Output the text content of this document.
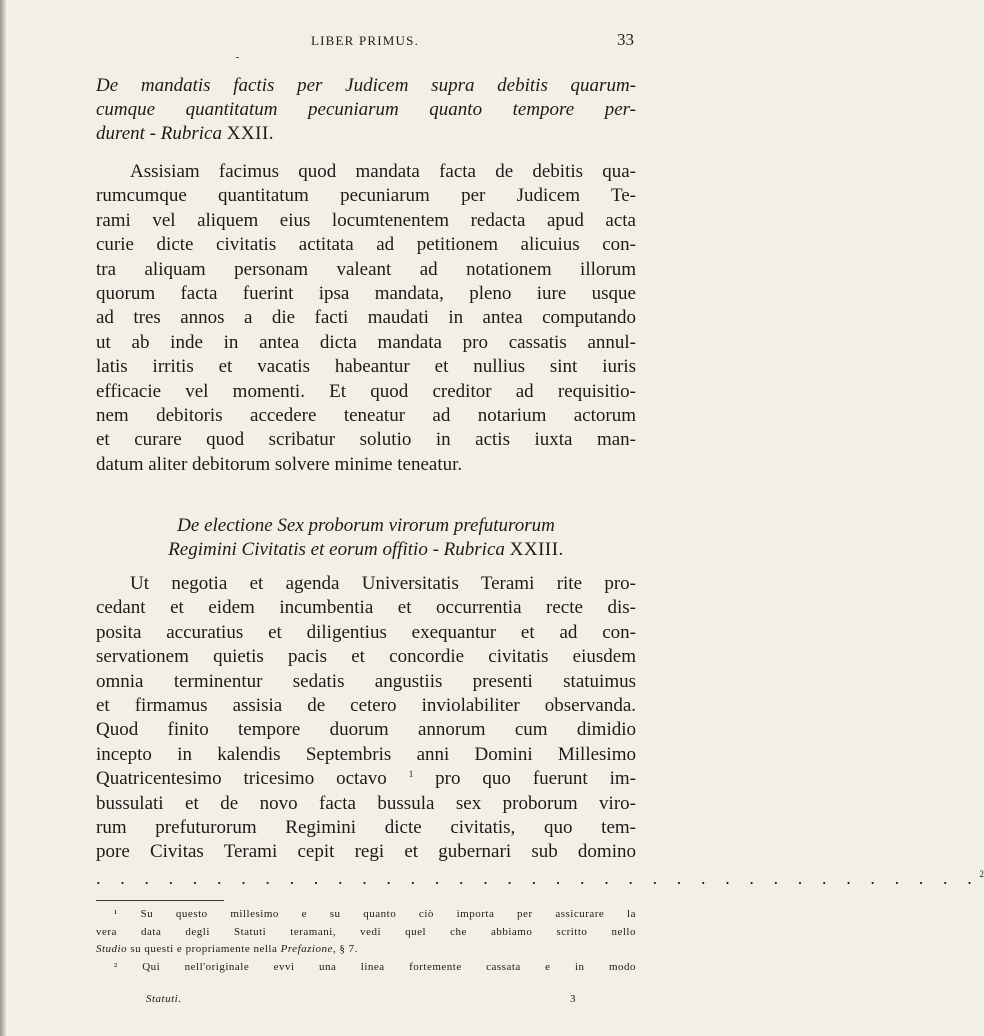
LIBER PRIMUS.	33
De mandatis factis per Judicem supra debitis quarum-
cumque quantitatum pecuniarum quanto tempore per-
durent - Rubrica XXII.
Assisiam facimus quod mandata facta de debitis qua-
rumcumque quantitatum pecuniarum per Judicem Te-
rami vel aliquem eius locumtenentem redacta apud acta
curie dicte civitatis actitata ad petitionem alicuius con-
tra aliquam personam valeant ad notationem illorum
quorum facta fuerint ipsa mandata, pleno iure usque
ad tres annos a die facti maudati in antea computando
ut ab inde in antea dicta mandata pro cassatis annul-
latis irritis et vacatis habeantur et nullius sint iuris
efficacie vel momenti. Et quod creditor ad requisitio-
nem debitoris accedere teneatur ad notarium actorum
et curare quod scribatur solutio in actis iuxta man-
datum aliter debitorum solvere minime teneatur.
De electione Sex proborum virorum prefuturorum
Regimini Civitatis et eorum offitio - Rubrica XXIII.
Ut negotia et agenda Universitatis Terami rite pro-
cedant et eidem incumbentia et occurrentia recte dis-
posita accuratius et diligentius exequantur et ad con-
servationem quietis pacis et concordie civitatis eiusdem
omnia terminentur sedatis angustiis presenti statuimus
et firmamus assisia de cetero inviolabiliter observanda.
Quod finito tempore duorum annorum cum dimidio
incepto in kalendis Septembris anni Domini Millesimo
Quatricentesimo tricesimo octavo $^1$ pro quo fuerunt im-
bussulati et de novo facta bussula sex proborum viro-
rum prefuturorum Regimini dicte civitatis, quo tem-
pore Civitas Terami cepit regi et gubernari sub domino
. . . . . . . . . . . . . . . . . . . . . . . . . . . . . . . . . . . . .$^2$
¹ Su questo millesimo e su quanto ciò importa per assicurare la
vera data degli Statuti teramani, vedi quel che abbiamo scritto nello
Studio su questi e propriamente nella Prefazione, § 7.
² Qui nell'originale evvi una linea fortemente cassata e in modo
Statuti.	3
